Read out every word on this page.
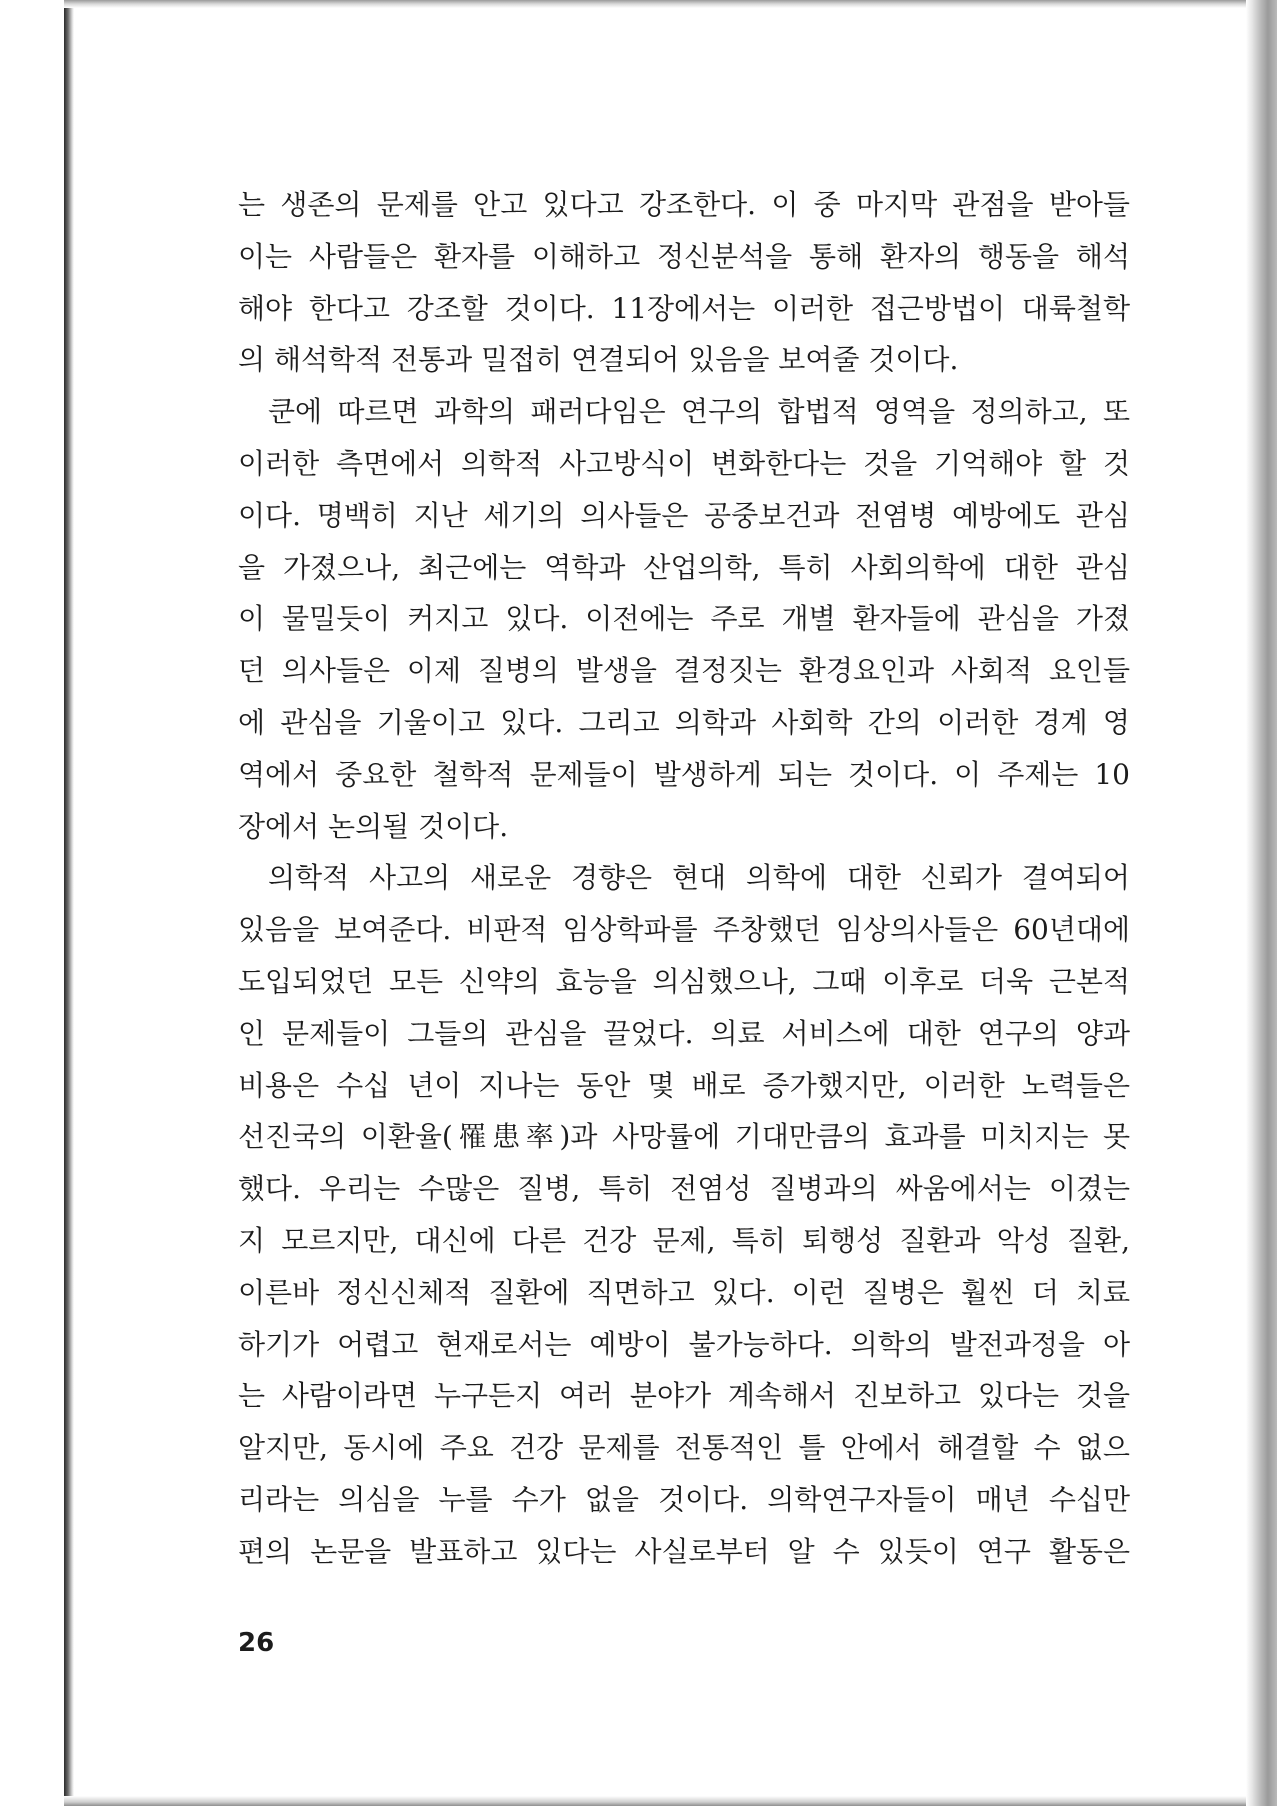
는 생존의 문제를 안고 있다고 강조한다. 이 중 마지막 관점을 받아들
이는 사람들은 환자를 이해하고 정신분석을 통해 환자의 행동을 해석
해야 한다고 강조할 것이다. 11장에서는 이러한 접근방법이 대륙철학
의 해석학적 전통과 밀접히 연결되어 있음을 보여줄 것이다.
쿤에 따르면 과학의 패러다임은 연구의 합법적 영역을 정의하고, 또
이러한 측면에서 의학적 사고방식이 변화한다는 것을 기억해야 할 것
이다. 명백히 지난 세기의 의사들은 공중보건과 전염병 예방에도 관심
을 가졌으나, 최근에는 역학과 산업의학, 특히 사회의학에 대한 관심
이 물밀듯이 커지고 있다. 이전에는 주로 개별 환자들에 관심을 가졌
던 의사들은 이제 질병의 발생을 결정짓는 환경요인과 사회적 요인들
에 관심을 기울이고 있다. 그리고 의학과 사회학 간의 이러한 경계 영
역에서 중요한 철학적 문제들이 발생하게 되는 것이다. 이 주제는 10
장에서 논의될 것이다.
의학적 사고의 새로운 경향은 현대 의학에 대한 신뢰가 결여되어
있음을 보여준다. 비판적 임상학파를 주창했던 임상의사들은 60년대에
도입되었던 모든 신약의 효능을 의심했으나, 그때 이후로 더욱 근본적
인 문제들이 그들의 관심을 끌었다. 의료 서비스에 대한 연구의 양과
비용은 수십 년이 지나는 동안 몇 배로 증가했지만, 이러한 노력들은
선진국의 이환율(罹患率)과 사망률에 기대만큼의 효과를 미치지는 못
했다. 우리는 수많은 질병, 특히 전염성 질병과의 싸움에서는 이겼는
지 모르지만, 대신에 다른 건강 문제, 특히 퇴행성 질환과 악성 질환,
이른바 정신신체적 질환에 직면하고 있다. 이런 질병은 훨씬 더 치료
하기가 어렵고 현재로서는 예방이 불가능하다. 의학의 발전과정을 아
는 사람이라면 누구든지 여러 분야가 계속해서 진보하고 있다는 것을
알지만, 동시에 주요 건강 문제를 전통적인 틀 안에서 해결할 수 없으
리라는 의심을 누를 수가 없을 것이다. 의학연구자들이 매년 수십만
편의 논문을 발표하고 있다는 사실로부터 알 수 있듯이 연구 활동은
26
